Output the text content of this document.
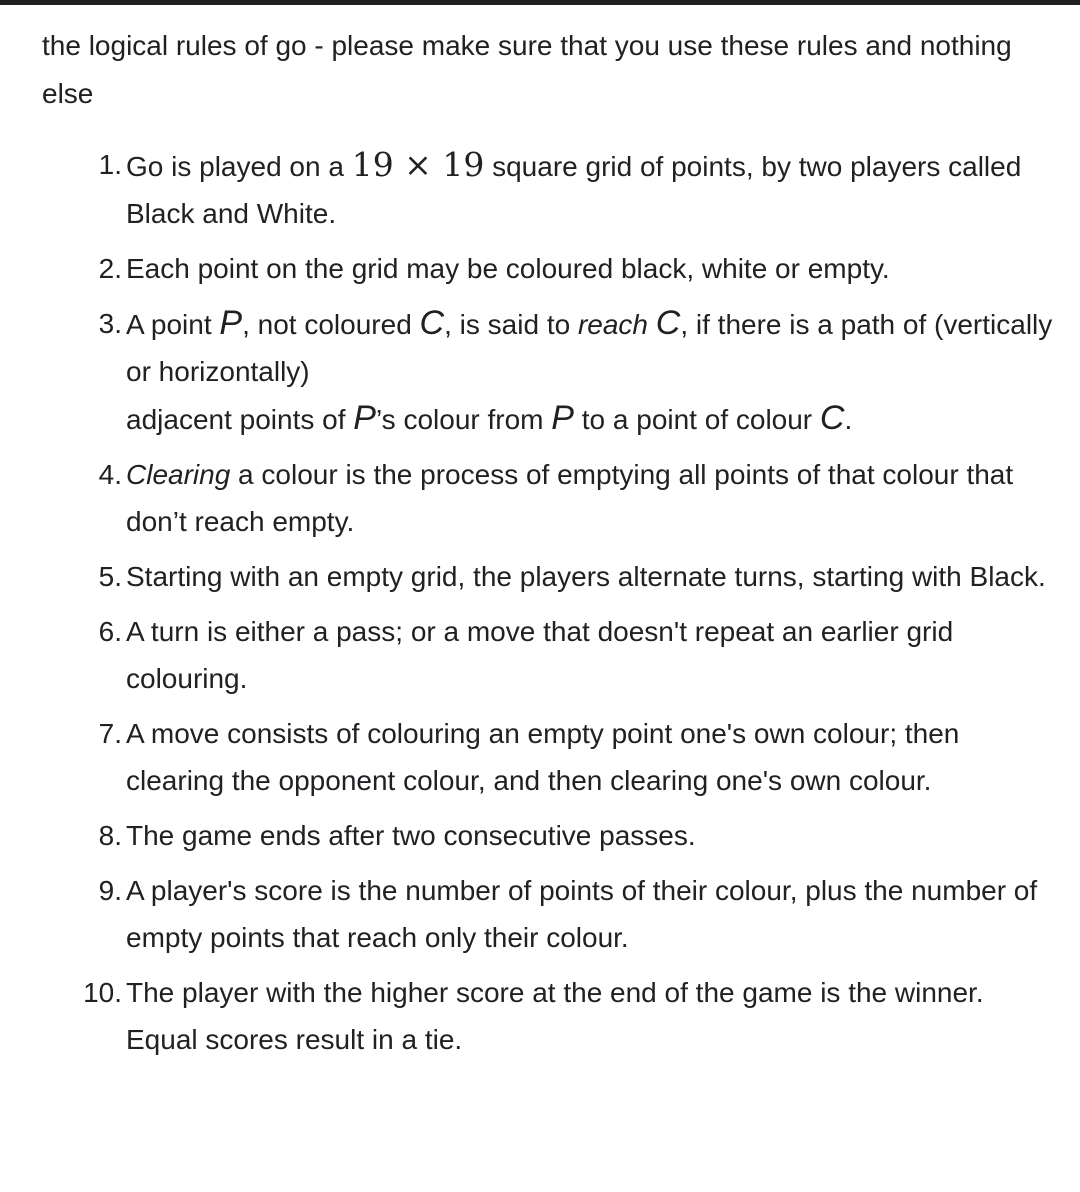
the logical rules of go - please make sure that you use these rules and nothing else

1. Go is played on a 19 × 19 square grid of points, by two players called Black and White.
2. Each point on the grid may be coloured black, white or empty.
3. A point P, not coloured C, is said to reach C, if there is a path of (vertically or horizontally)
adjacent points of P’s colour from P to a point of colour C.
4. Clearing a colour is the process of emptying all points of that colour that don’t reach empty.
5. Starting with an empty grid, the players alternate turns, starting with Black.
6. A turn is either a pass; or a move that doesn't repeat an earlier grid colouring.
7. A move consists of colouring an empty point one's own colour; then clearing the opponent colour, and then clearing one's own colour.
8. The game ends after two consecutive passes.
9. A player's score is the number of points of their colour, plus the number of empty points that reach only their colour.
10. The player with the higher score at the end of the game is the winner. Equal scores result in a tie.
